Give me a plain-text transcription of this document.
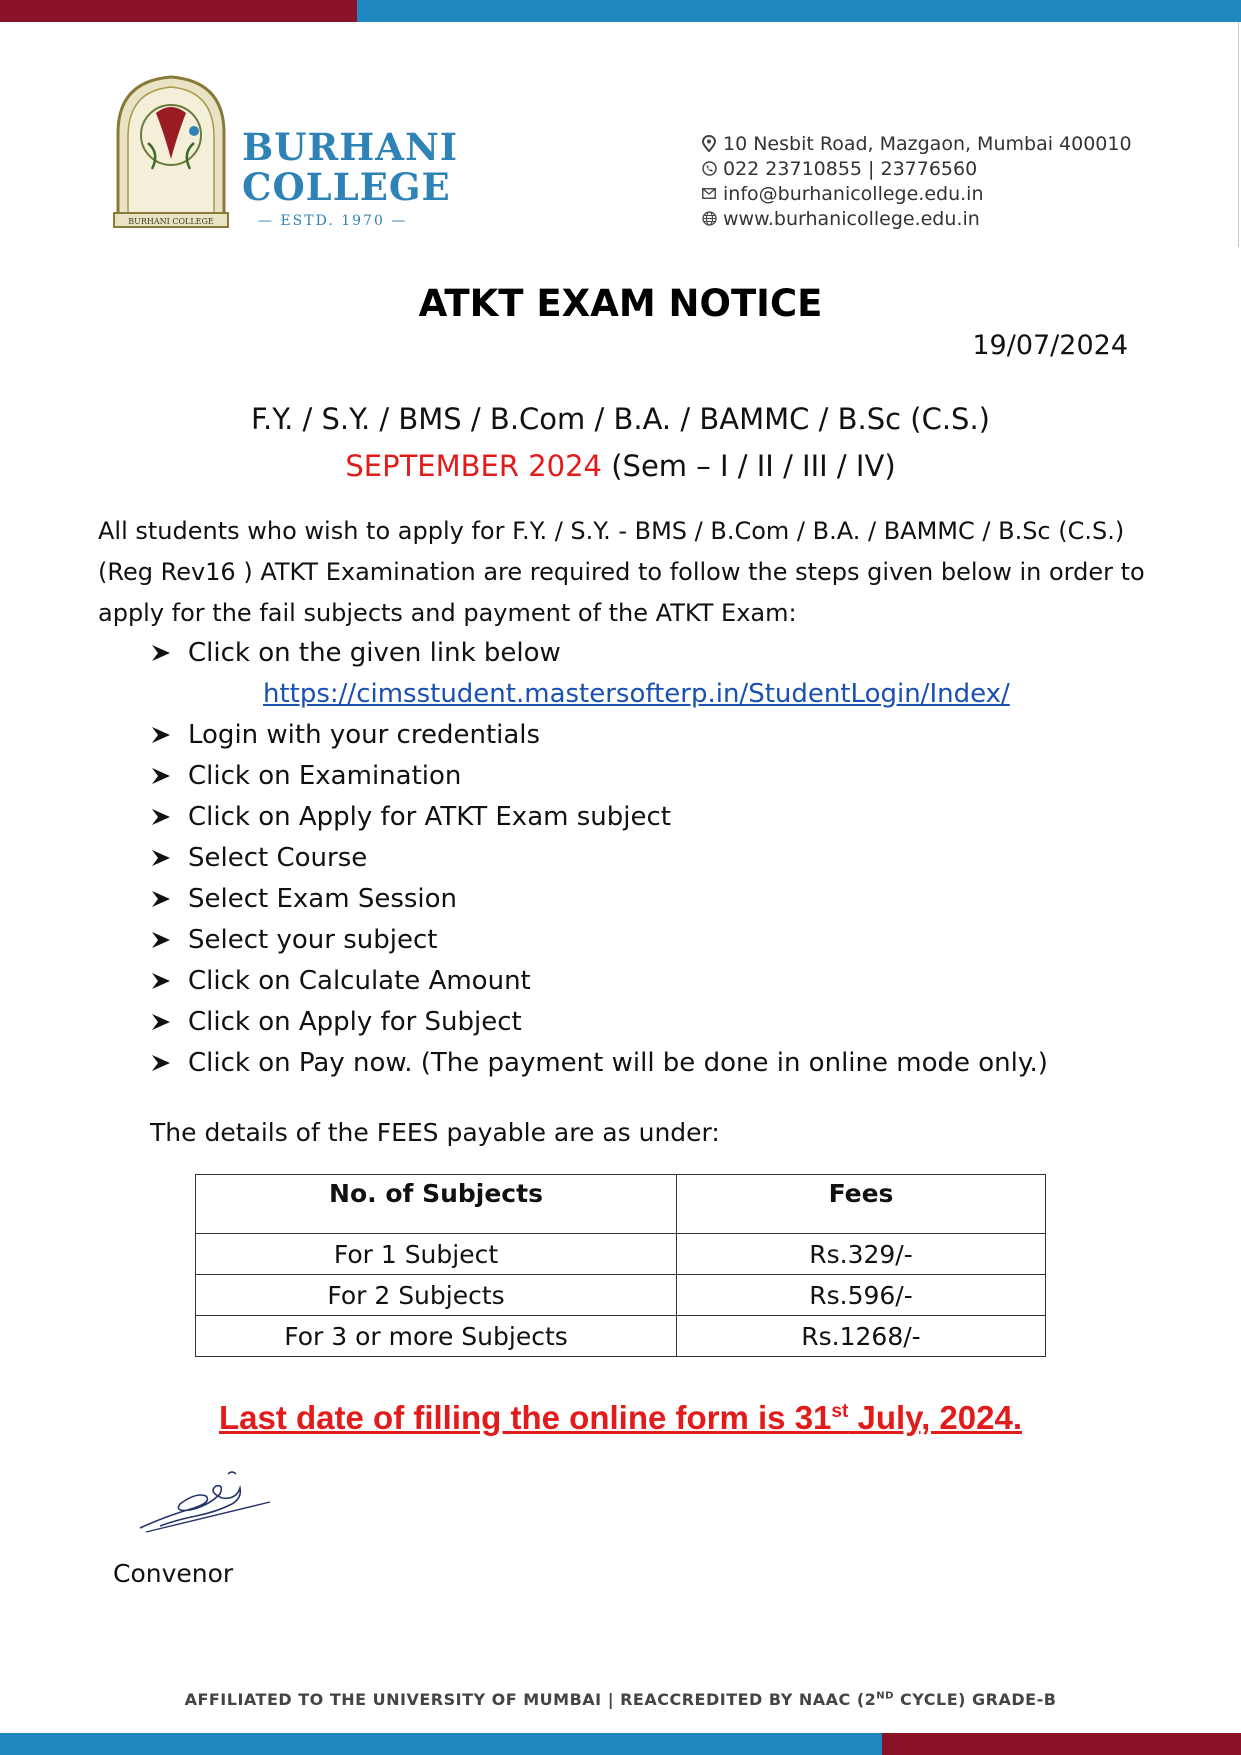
BURHANI COLLEGE
BURHANI
COLLEGE
— ESTD. 1970 —
10 Nesbit Road, Mazgaon, Mumbai 400010
022 23710855 | 23776560
info@burhanicollege.edu.in
www.burhanicollege.edu.in
ATKT EXAM NOTICE
19/07/2024
F.Y. / S.Y. / BMS / B.Com / B.A. / BAMMC / B.Sc (C.S.)
SEPTEMBER 2024 (Sem – I / II / III / IV)
All students who wish to apply for F.Y. / S.Y. - BMS / B.Com / B.A. / BAMMC / B.Sc (C.S.) (Reg Rev16 ) ATKT Examination are required to follow the steps given below in order to apply for the fail subjects and payment of the ATKT Exam:
Click on the given link below
https://cimsstudent.mastersofterp.in/StudentLogin/Index/
Login with your credentials
Click on Examination
Click on Apply for ATKT Exam subject
Select Course
Select Exam Session
Select your subject
Click on Calculate Amount
Click on Apply for Subject
Click on Pay now. (The payment will be done in online mode only.)
The details of the FEES payable are as under:
No. of Subjects	Fees
For 1 Subject	Rs.329/-
For 2 Subjects	Rs.596/-
For 3 or more Subjects	Rs.1268/-
Last date of filling the online form is 31st July, 2024.
Convenor
AFFILIATED TO THE UNIVERSITY OF MUMBAI | REACCREDITED BY NAAC (2ND CYCLE) GRADE-B
